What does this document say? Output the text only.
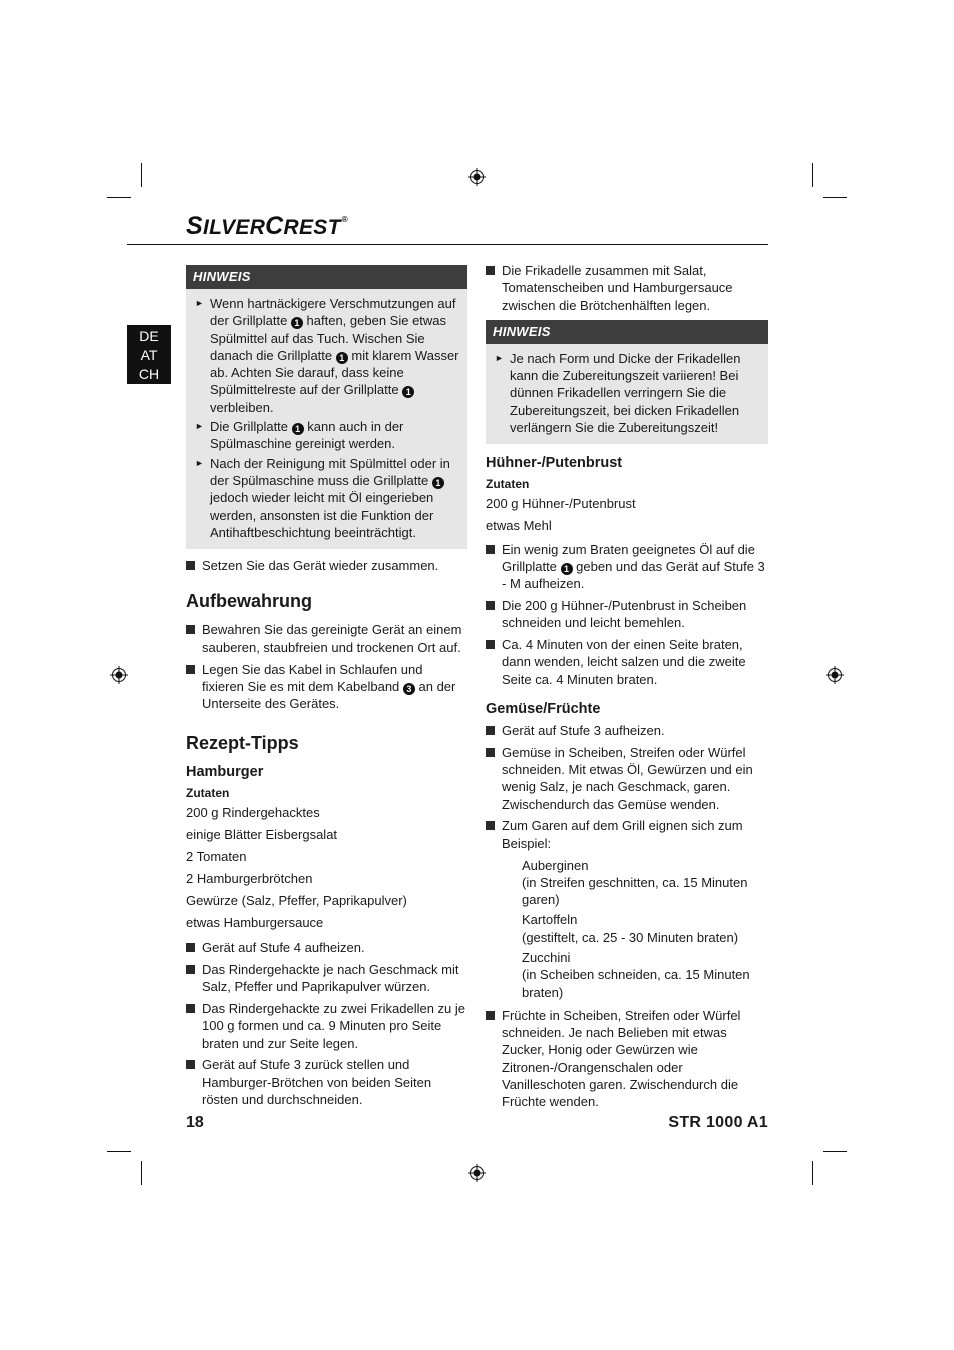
SILVERCREST®
DE
AT
CH
HINWEIS
► Wenn hartnäckigere Verschmutzungen auf der Grillplatte 1 haften, geben Sie etwas Spülmittel auf das Tuch. Wischen Sie danach die Grillplatte 1 mit klarem Wasser ab. Achten Sie darauf, dass keine Spülmittelreste auf der Grillplatte 1 verbleiben.
► Die Grillplatte 1 kann auch in der Spülmaschine gereinigt werden.
► Nach der Reinigung mit Spülmittel oder in der Spülmaschine muss die Grillplatte 1 jedoch wieder leicht mit Öl eingerieben werden, ansonsten ist die Funktion der Antihaftbeschichtung beeinträchtigt.
Setzen Sie das Gerät wieder zusammen.
Aufbewahrung
Bewahren Sie das gereinigte Gerät an einem sauberen, staubfreien und trockenen Ort auf.
Legen Sie das Kabel in Schlaufen und fixieren Sie es mit dem Kabelband 3 an der Unterseite des Gerätes.
Rezept-Tipps
Hamburger
Zutaten
200 g Rindergehacktes
einige Blätter Eisbergsalat
2 Tomaten
2 Hamburgerbrötchen
Gewürze (Salz, Pfeffer, Paprikapulver)
etwas Hamburgersauce
Gerät auf Stufe 4 aufheizen.
Das Rindergehackte je nach Geschmack mit Salz, Pfeffer und Paprikapulver würzen.
Das Rindergehackte zu zwei Frikadellen zu je 100 g formen und ca. 9 Minuten pro Seite braten und zur Seite legen.
Gerät auf Stufe 3 zurück stellen und Hamburger-Brötchen von beiden Seiten rösten und durchschneiden.
Die Frikadelle zusammen mit Salat, Tomatenscheiben und Hamburgersauce zwischen die Brötchenhälften legen.
HINWEIS
► Je nach Form und Dicke der Frikadellen kann die Zubereitungszeit variieren! Bei dünnen Frikadellen verringern Sie die Zubereitungszeit, bei dicken Frikadellen verlängern Sie die Zubereitungszeit!
Hühner-/Putenbrust
Zutaten
200 g Hühner-/Putenbrust
etwas Mehl
Ein wenig zum Braten geeignetes Öl auf die Grillplatte 1 geben und das Gerät auf Stufe 3 - M aufheizen.
Die 200 g Hühner-/Putenbrust in Scheiben schneiden und leicht bemehlen.
Ca. 4 Minuten von der einen Seite braten, dann wenden, leicht salzen und die zweite Seite ca. 4 Minuten braten.
Gemüse/Früchte
Gerät auf Stufe 3 aufheizen.
Gemüse in Scheiben, Streifen oder Würfel schneiden. Mit etwas Öl, Gewürzen und ein wenig Salz, je nach Geschmack, garen. Zwischendurch das Gemüse wenden.
Zum Garen auf dem Grill eignen sich zum Beispiel:
Auberginen
(in Streifen geschnitten, ca. 15 Minuten garen)
Kartoffeln
(gestiftelt, ca. 25 - 30 Minuten braten)
Zucchini
(in Scheiben schneiden, ca. 15 Minuten braten)
Früchte in Scheiben, Streifen oder Würfel schneiden. Je nach Belieben mit etwas Zucker, Honig oder Gewürzen wie Zitronen-/Orangenschalen oder Vanilleschoten garen. Zwischendurch die Früchte wenden.
18	STR 1000 A1
